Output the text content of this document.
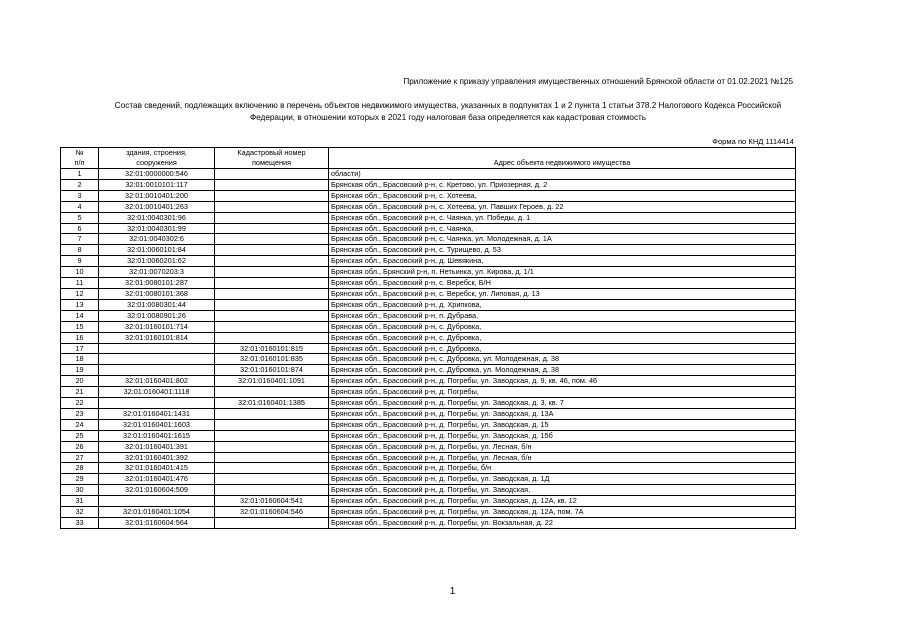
Приложение к приказу управления имущественных отношений Брянской области от 01.02.2021 №125
Состав сведений, подлежащих включению в перечень объектов недвижимого имущества, указанных в подпунктах 1 и 2 пункта 1 статьи 378.2 Налогового Кодекса Российской
Федерации, в отношении которых в 2021 году налоговая база определяется как кадастровая стоимость
Форма по КНД 1114414
№	здания, строения,	Кадастровый номер	
п/п	сооружения	помещения	Адрес объекта недвижимого имущества
1	32:01:0000000:546		области)
2	32:01:0010101:117		Брянская обл., Брасовский р-н, с. Кретово, ул. Приозерная, д. 2
3	32:01:0010401:200		Брянская обл., Брасовский р-н, с. Хотеева,
4	32:01:0010401:263		Брянская обл., Брасовский р-н, с. Хотеева, ул. Павших Героев, д. 22
5	32:01:0040301:96		Брянская обл., Брасовский р-н, с. Чаянка, ул. Победы, д. 1
6	32:01:0040301:99		Брянская обл., Брасовский р-н, с. Чаянка,
7	32:01:0040302:6		Брянская обл., Брасовский р-н, с. Чаянка, ул. Молодежная, д. 1А
8	32:01:0060101:84		Брянская обл., Брасовский р-н, с. Турищево, д. 53
9	32:01:0060201:62		Брянская обл., Брасовский р-н, д. Шевякина,
10	32:01:0070203:3		Брянская обл., Брянский р-н, п. Нетьинка, ул. Кирова, д. 1/1
11	32:01:0080101:287		Брянская обл., Брасовский р-н, с. Веребск, Б/Н
12	32:01:0080101:368		Брянская обл., Брасовский р-н, с. Веребск, ул. Липовая, д. 13
13	32:01:0080301:44		Брянская обл., Брасовский р-н, д. Хрипкова,
14	32:01:0080901:26		Брянская обл., Брасовский р-н, п. Дубрава,
15	32:01:0160101:714		Брянская обл., Брасовский р-н, с. Дубровка,
16	32:01:0160101:814		Брянская обл., Брасовский р-н, с. Дубровка,
17		32:01:0160101:815	Брянская обл., Брасовский р-н, с. Дубровка,
18		32:01:0160101:835	Брянская обл., Брасовский р-н, с. Дубровка, ул. Молодежная, д. 38
19		32:01:0160101:874	Брянская обл., Брасовский р-н, с. Дубровка, ул. Молодежная, д. 38
20	32:01:0160401:802	32:01:0160401:1091	Брянская обл., Брасовский р-н, д. Погребы, ул. Заводская, д. 9, кв. 46, пом. 46
21	32:01:0160401:1118		Брянская обл., Брасовский р-н, д. Погребы,
22		32:01:0160401:1385	Брянская обл., Брасовский р-н, д. Погребы, ул. Заводская, д. 3, кв. 7
23	32:01:0160401:1431		Брянская обл., Брасовский р-н, д. Погребы, ул. Заводская, д. 13А
24	32:01:0160401:1603		Брянская обл., Брасовский р-н, д. Погребы, ул. Заводская, д. 15
25	32:01:0160401:1615		Брянская обл., Брасовский р-н, д. Погребы, ул. Заводская, д. 15б
26	32:01:0160401:391		Брянская обл., Брасовский р-н, д. Погребы, ул. Лесная, б/н
27	32:01:0160401:392		Брянская обл., Брасовский р-н, д. Погребы, ул. Лесная, б/н
28	32:01:0160401:415		Брянская обл., Брасовский р-н, д. Погребы, б/н
29	32:01:0160401:476		Брянская обл., Брасовский р-н, д. Погребы, ул. Заводская, д. 1Д
30	32:01:0160604:509		Брянская обл., Брасовский р-н, д. Погребы, ул. Заводская,
31		32:01:0160604:541	Брянская обл., Брасовский р-н, д. Погребы, ул. Заводская, д. 12А, кв. 12
32	32:01:0160401:1054	32:01:0160604:546	Брянская обл., Брасовский р-н, д. Погребы, ул. Заводская, д. 12А, пом. 7А
33	32:01:0160604:564		Брянская обл., Брасовский р-н, д. Погребы, ул. Вокзальная, д. 22
1
